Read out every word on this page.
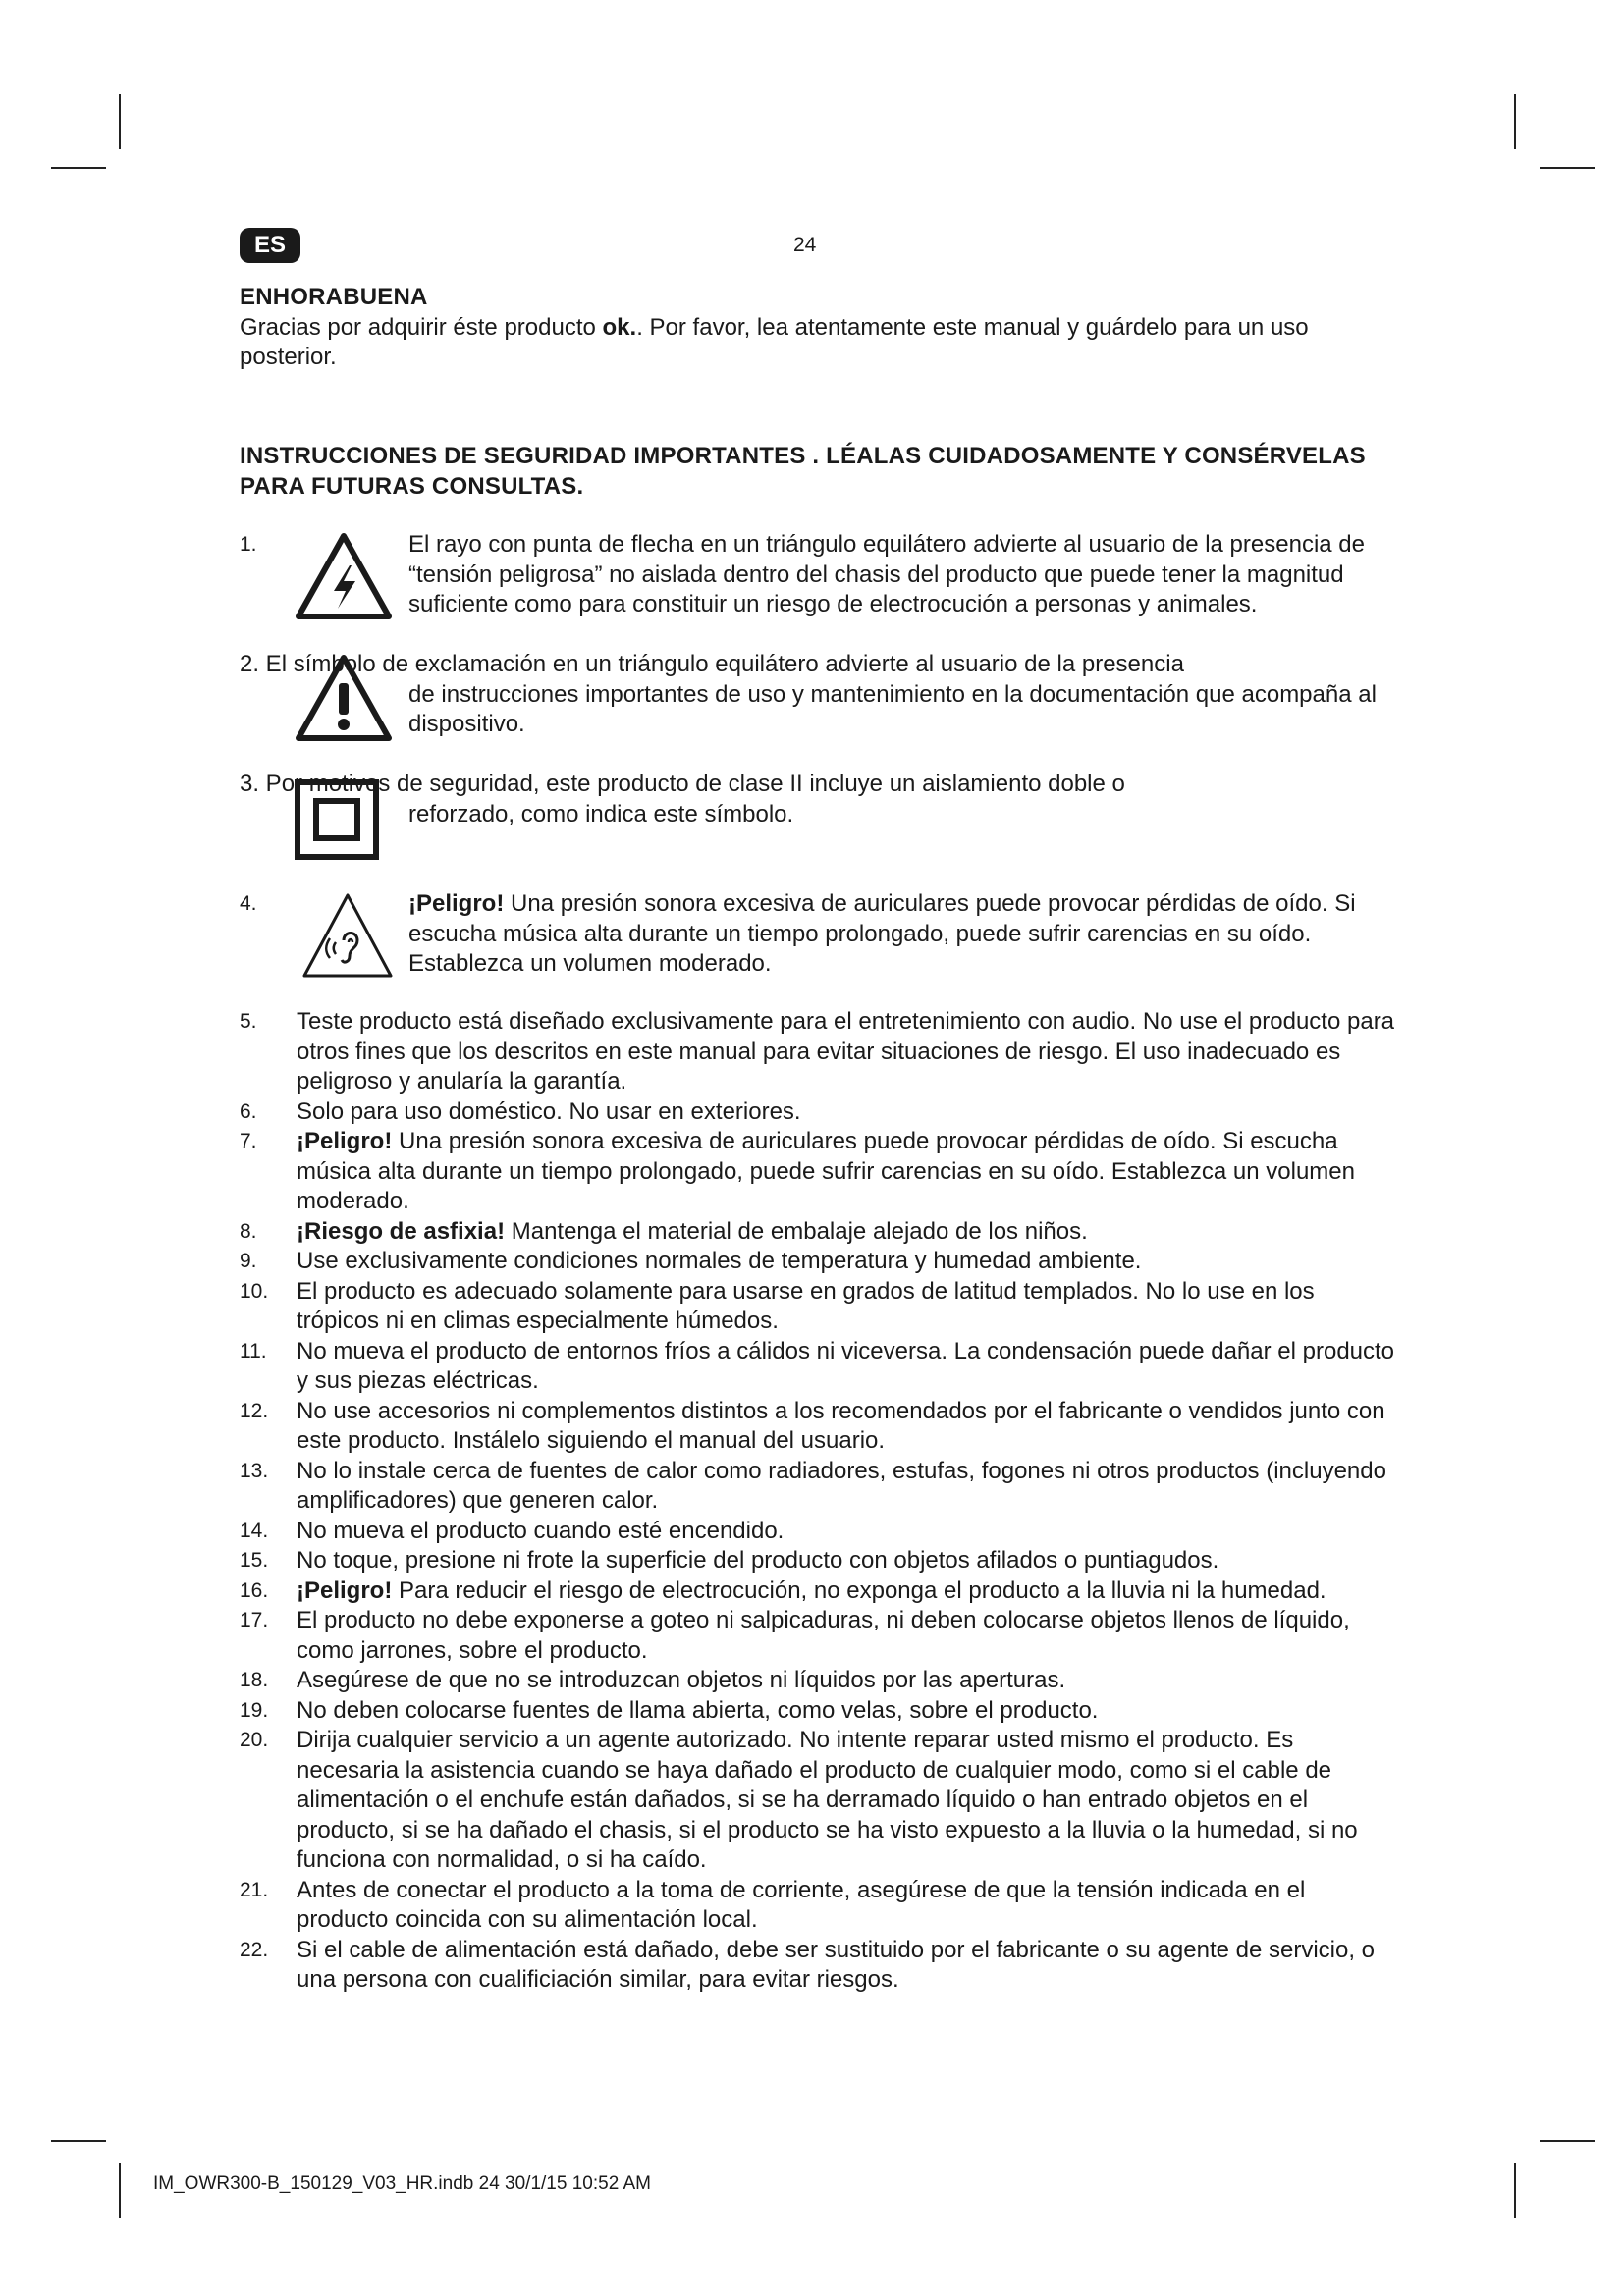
ES	24

ENHORABUENA

Gracias por adquirir éste producto ok.. Por favor, lea atentamente este manual y guárdelo para un uso posterior.

INSTRUCCIONES DE SEGURIDAD IMPORTANTES . LÉALAS CUIDADOSAMENTE Y CONSÉRVELAS

PARA FUTURAS CONSULTAS.

1.	El rayo con punta de flecha en un triángulo equilátero advierte al usuario de la presencia de “tensión peligrosa” no aislada dentro del chasis del producto que puede tener la magnitud suficiente como para constituir un riesgo de electrocución a personas y animales.
2. El símbolo de exclamación en un triángulo equilátero advierte al usuario de la presencia
de instrucciones importantes de uso y mantenimiento en la documentación que acompaña al dispositivo.
3. Por motivos de seguridad, este producto de clase II incluye un aislamiento doble o
reforzado, como indica este símbolo.
4.	¡Peligro! Una presión sonora excesiva de auriculares puede provocar pérdidas de oído. Si escucha música alta durante un tiempo prolongado, puede sufrir carencias en su oído. Establezca un volumen moderado.
5. Teste producto está diseñado exclusivamente para el entretenimiento con audio. No use el producto para otros fines que los descritos en este manual para evitar situaciones de riesgo. El uso inadecuado es peligroso y anularía la garantía.
6. Solo para uso doméstico. No usar en exteriores.
7. ¡Peligro! Una presión sonora excesiva de auriculares puede provocar pérdidas de oído. Si escucha música alta durante un tiempo prolongado, puede sufrir carencias en su oído. Establezca un volumen moderado.
8. ¡Riesgo de asfixia! Mantenga el material de embalaje alejado de los niños.
9. Use exclusivamente condiciones normales de temperatura y humedad ambiente.
10. El producto es adecuado solamente para usarse en grados de latitud templados. No lo use en los trópicos ni en climas especialmente húmedos.
11. No mueva el producto de entornos fríos a cálidos ni viceversa. La condensación puede dañar el producto y sus piezas eléctricas.
12. No use accesorios ni complementos distintos a los recomendados por el fabricante o vendidos junto con este producto. Instálelo siguiendo el manual del usuario.
13. No lo instale cerca de fuentes de calor como radiadores, estufas, fogones ni otros productos (incluyendo amplificadores) que generen calor.
14. No mueva el producto cuando esté encendido.
15. No toque, presione ni frote la superficie del producto con objetos afilados o puntiagudos.
16. ¡Peligro! Para reducir el riesgo de electrocución, no exponga el producto a la lluvia ni la humedad.
17. El producto no debe exponerse a goteo ni salpicaduras, ni deben colocarse objetos llenos de líquido, como jarrones, sobre el producto.
18. Asegúrese de que no se introduzcan objetos ni líquidos por las aperturas.
19. No deben colocarse fuentes de llama abierta, como velas, sobre el producto.
20. Dirija cualquier servicio a un agente autorizado. No intente reparar usted mismo el producto. Es necesaria la asistencia cuando se haya dañado el producto de cualquier modo, como si el cable de alimentación o el enchufe están dañados, si se ha derramado líquido o han entrado objetos en el producto, si se ha dañado el chasis, si el producto se ha visto expuesto a la lluvia o la humedad, si no funciona con normalidad, o si ha caído.
21. Antes de conectar el producto a la toma de corriente, asegúrese de que la tensión indicada en el producto coincida con su alimentación local.
22. Si el cable de alimentación está dañado, debe ser sustituido por el fabricante o su agente de servicio, o una persona con cualificiación similar, para evitar riesgos.
IM_OWR300-B_150129_V03_HR.indb 24 30/1/15 10:52 AM
